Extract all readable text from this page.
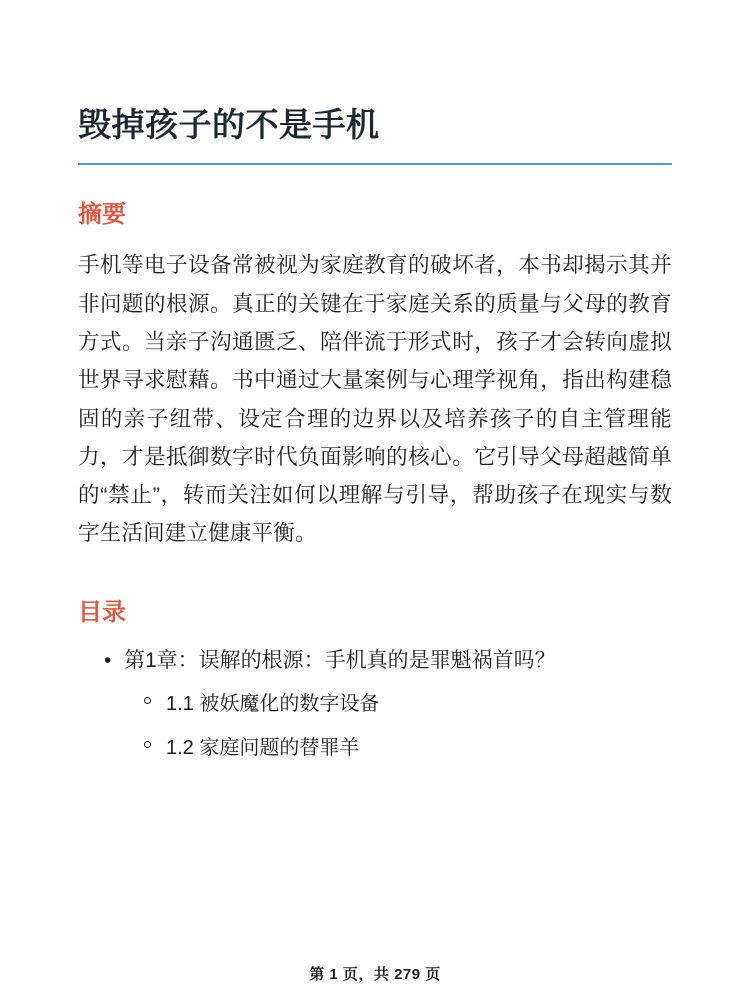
毁掉孩子的不是手机
摘要

手机等电子设备常被视为家庭教育的破坏者，本书却揭示其并非问题的根源。真正的关键在于家庭关系的质量与父母的教育方式。当亲子沟通匮乏、陪伴流于形式时，孩子才会转向虚拟世界寻求慰藉。书中通过大量案例与心理学视角，指出构建稳固的亲子纽带、设定合理的边界以及培养孩子的自主管理能力，才是抵御数字时代负面影响的核心。它引导父母超越简单的“禁止”，转而关注如何以理解与引导，帮助孩子在现实与数字生活间建立健康平衡。

目录
• 第1章：误解的根源：手机真的是罪魁祸首吗？
1.1 被妖魔化的数字设备
1.2 家庭问题的替罪羊
第 1 页，共 279 页
